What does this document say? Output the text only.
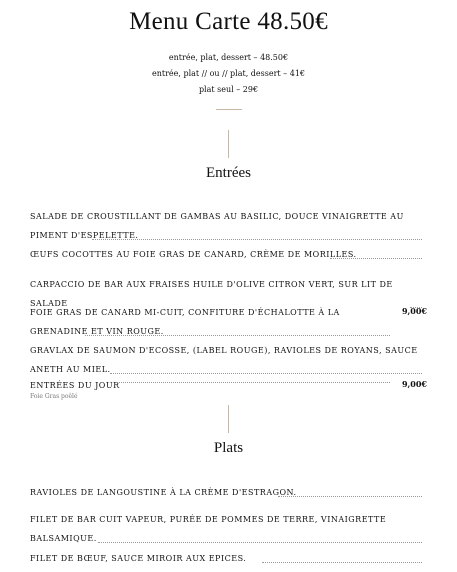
Menu Carte 48.50€
entrée, plat, dessert – 48.50€
entrée, plat // ou // plat, dessert – 41€
plat seul – 29€
Entrées
SALADE DE CROUSTILLANT DE GAMBAS AU BASILIC, DOUCE VINAIGRETTE AU PIMENT D'ESPELETTE.
ŒUFS COCOTTES AU FOIE GRAS DE CANARD, CRÈME DE MORILLES.
CARPACCIO DE BAR AUX FRAISES HUILE D'OLIVE CITRON VERT, SUR LIT DE SALADE
FOIE GRAS DE CANARD MI-CUIT, CONFITURE D'ÉCHALOTTE À LA GRENADINE ET VIN ROUGE.
9,00€
GRAVLAX DE SAUMON D'ECOSSE, (LABEL ROUGE), RAVIOLES DE ROYANS, SAUCE ANETH AU MIEL.
ENTRÉES DU JOUR
Foie Gras poêlé
9,00€
Plats
RAVIOLES DE LANGOUSTINE À LA CRÈME D'ESTRAGON.
FILET DE BAR CUIT VAPEUR, PURÉE DE POMMES DE TERRE, VINAIGRETTE BALSAMIQUE.
FILET DE BŒUF, SAUCE MIROIR AUX EPICES.
